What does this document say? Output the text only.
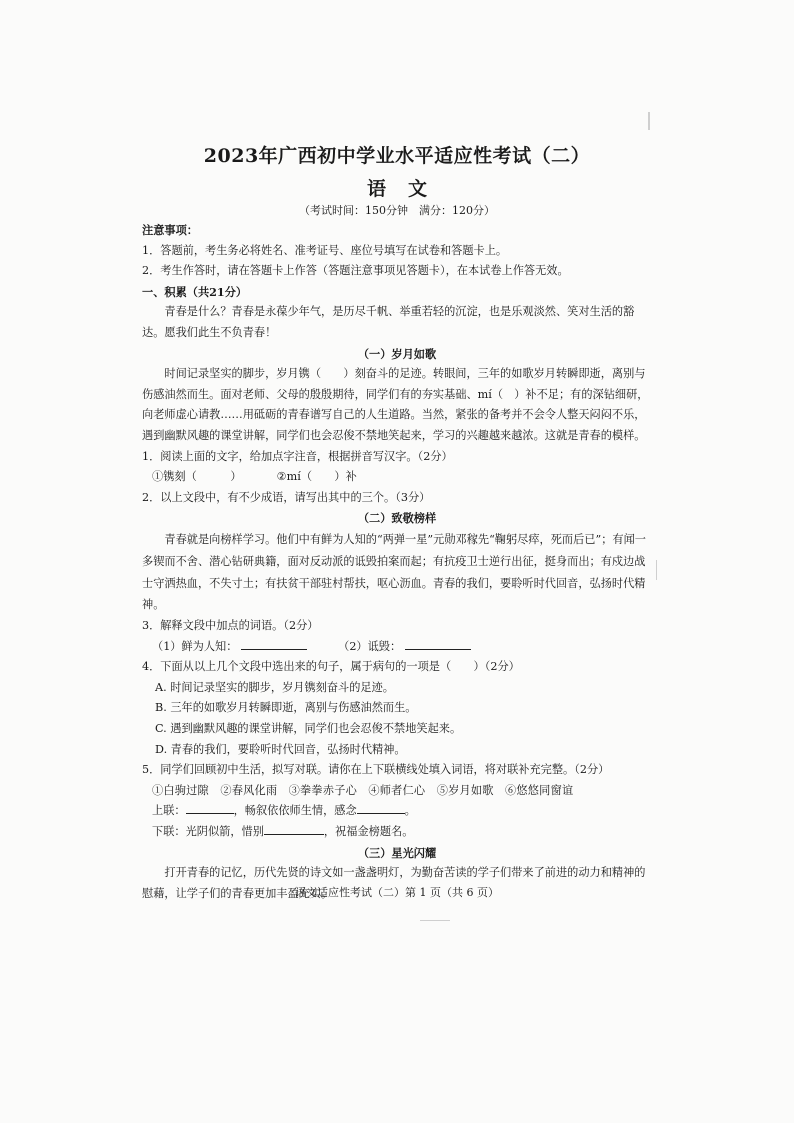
2023年广西初中学业水平适应性考试（二）

语文

（考试时间：150分钟　满分：120分）

注意事项：

1．答题前，考生务必将姓名、准考证号、座位号填写在试卷和答题卡上。

2．考生作答时，请在答题卡上作答（答题注意事项见答题卡），在本试卷上作答无效。

一、积累（共21分）

青春是什么？青春是永葆少年气，是历尽千帆、举重若轻的沉淀，也是乐观淡然、笑对生活的豁达。愿我们此生不负青春！

（一）岁月如歌

时间记录坚实的脚步，岁月镌（　　）刻奋斗的足迹。转眼间，三年的如歌岁月转瞬即逝，离别与伤感油然而生。面对老师、父母的殷殷期待，同学们有的夯实基础、mí（　）补不足；有的深钻细研，向老师虚心请教……用砥砺的青春谱写自己的人生道路。当然，紧张的备考并不会令人整天闷闷不乐，遇到幽默风趣的课堂讲解，同学们也会忍俊不禁地笑起来，学习的兴趣越来越浓。这就是青春的模样。

1．阅读上面的文字，给加点字注音，根据拼音写汉字。（2分）

①镌刻（　　　）	②mí（　　）补

2．以上文段中，有不少成语，请写出其中的三个。（3分）

（二）致敬榜样

青春就是向榜样学习。他们中有鲜为人知的“两弹一星”元勋邓稼先“鞠躬尽瘁，死而后已”；有闻一多锲而不舍、潜心钻研典籍，面对反动派的诋毁拍案而起；有抗疫卫士逆行出征，挺身而出；有戍边战士守洒热血，不失寸土；有扶贫干部驻村帮扶，呕心沥血。青春的我们，要聆听时代回音，弘扬时代精神。

3．解释文段中加点的词语。（2分）

（1）鲜为人知：	（2）诋毁：

4．下面从以上几个文段中选出来的句子，属于病句的一项是（　　）（2分）

A. 时间记录坚实的脚步，岁月镌刻奋斗的足迹。

B. 三年的如歌岁月转瞬即逝，离别与伤感油然而生。

C. 遇到幽默风趣的课堂讲解，同学们也会忍俊不禁地笑起来。

D. 青春的我们，要聆听时代回音，弘扬时代精神。

5．同学们回顾初中生活，拟写对联。请你在上下联横线处填入词语，将对联补充完整。（2分）

①白驹过隙　②春风化雨　③拳拳赤子心　④师者仁心　⑤岁月如歌　⑥悠悠同窗谊

上联：	，畅叙依依师生情，感念	。

下联：光阴似箭，惜别	，祝福金榜题名。

（三）星光闪耀

打开青春的记忆，历代先贤的诗文如一盏盏明灯，为勤奋苦读的学子们带来了前进的动力和精神的慰藉，让学子们的青春更加丰盈充实。

语文适应性考试（二）第 1 页（共 6 页）
